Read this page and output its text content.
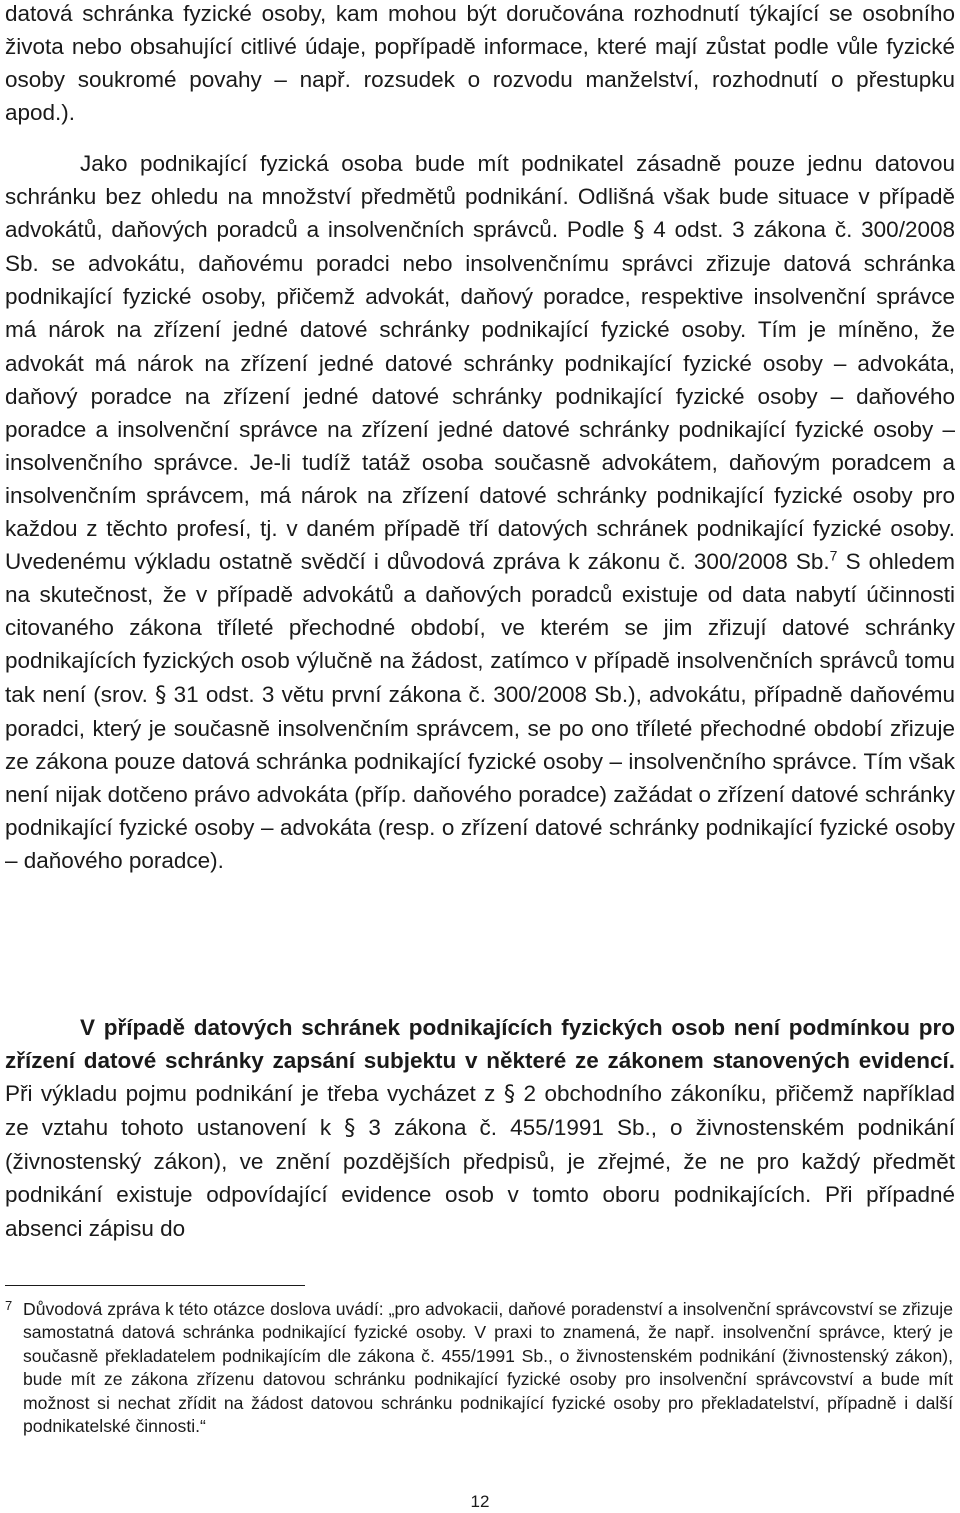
datová schránka fyzické osoby, kam mohou být doručována rozhodnutí týkající se osobního života nebo obsahující citlivé údaje, popřípadě informace, které mají zůstat podle vůle fyzické osoby soukromé povahy – např. rozsudek o rozvodu manželství, rozhodnutí o přestupku apod.).

Jako podnikající fyzická osoba bude mít podnikatel zásadně pouze jednu datovou schránku bez ohledu na množství předmětů podnikání. Odlišná však bude situace v případě advokátů, daňových poradců a insolvenčních správců. Podle § 4 odst. 3 zákona č. 300/2008 Sb. se advokátu, daňovému poradci nebo insolvenčnímu správci zřizuje datová schránka podnikající fyzické osoby, přičemž advokát, daňový poradce, respektive insolvenční správce má nárok na zřízení jedné datové schránky podnikající fyzické osoby. Tím je míněno, že advokát má nárok na zřízení jedné datové schránky podnikající fyzické osoby – advokáta, daňový poradce na zřízení jedné datové schránky podnikající fyzické osoby – daňového poradce a insolvenční správce na zřízení jedné datové schránky podnikající fyzické osoby – insolvenčního správce. Je-li tudíž tatáž osoba současně advokátem, daňovým poradcem a insolvenčním správcem, má nárok na zřízení datové schránky podnikající fyzické osoby pro každou z těchto profesí, tj. v daném případě tří datových schránek podnikající fyzické osoby. Uvedenému výkladu ostatně svědčí i důvodová zpráva k zákonu č. 300/2008 Sb.$^7$ S ohledem na skutečnost, že v případě advokátů a daňových poradců existuje od data nabytí účinnosti citovaného zákona tříleté přechodné období, ve kterém se jim zřizují datové schránky podnikajících fyzických osob výlučně na žádost, zatímco v případě insolvenčních správců tomu tak není (srov. § 31 odst. 3 větu první zákona č. 300/2008 Sb.), advokátu, případně daňovému poradci, který je současně insolvenčním správcem, se po ono tříleté přechodné období zřizuje ze zákona pouze datová schránka podnikající fyzické osoby – insolvenčního správce. Tím však není nijak dotčeno právo advokáta (příp. daňového poradce) zažádat o zřízení datové schránky podnikající fyzické osoby – advokáta (resp. o zřízení datové schránky podnikající fyzické osoby – daňového poradce).

V případě datových schránek podnikajících fyzických osob není podmínkou pro zřízení datové schránky zapsání subjektu v některé ze zákonem stanovených evidencí. Při výkladu pojmu podnikání je třeba vycházet z § 2 obchodního zákoníku, přičemž například ze vztahu tohoto ustanovení k § 3 zákona č. 455/1991 Sb., o živnostenském podnikání (živnostenský zákon), ve znění pozdějších předpisů, je zřejmé, že ne pro každý předmět podnikání existuje odpovídající evidence osob v tomto oboru podnikajících. Při případné absenci zápisu do

7 Důvodová zpráva k této otázce doslova uvádí: „pro advokacii, daňové poradenství a insolvenční správcovství se zřizuje samostatná datová schránka podnikající fyzické osoby. V praxi to znamená, že např. insolvenční správce, který je současně překladatelem podnikajícím dle zákona č. 455/1991 Sb., o živnostenském podnikání (živnostenský zákon), bude mít ze zákona zřízenu datovou schránku podnikající fyzické osoby pro insolvenční správcovství a bude mít možnost si nechat zřídit na žádost datovou schránku podnikající fyzické osoby pro překladatelství, případně i další podnikatelské činnosti.“

12
